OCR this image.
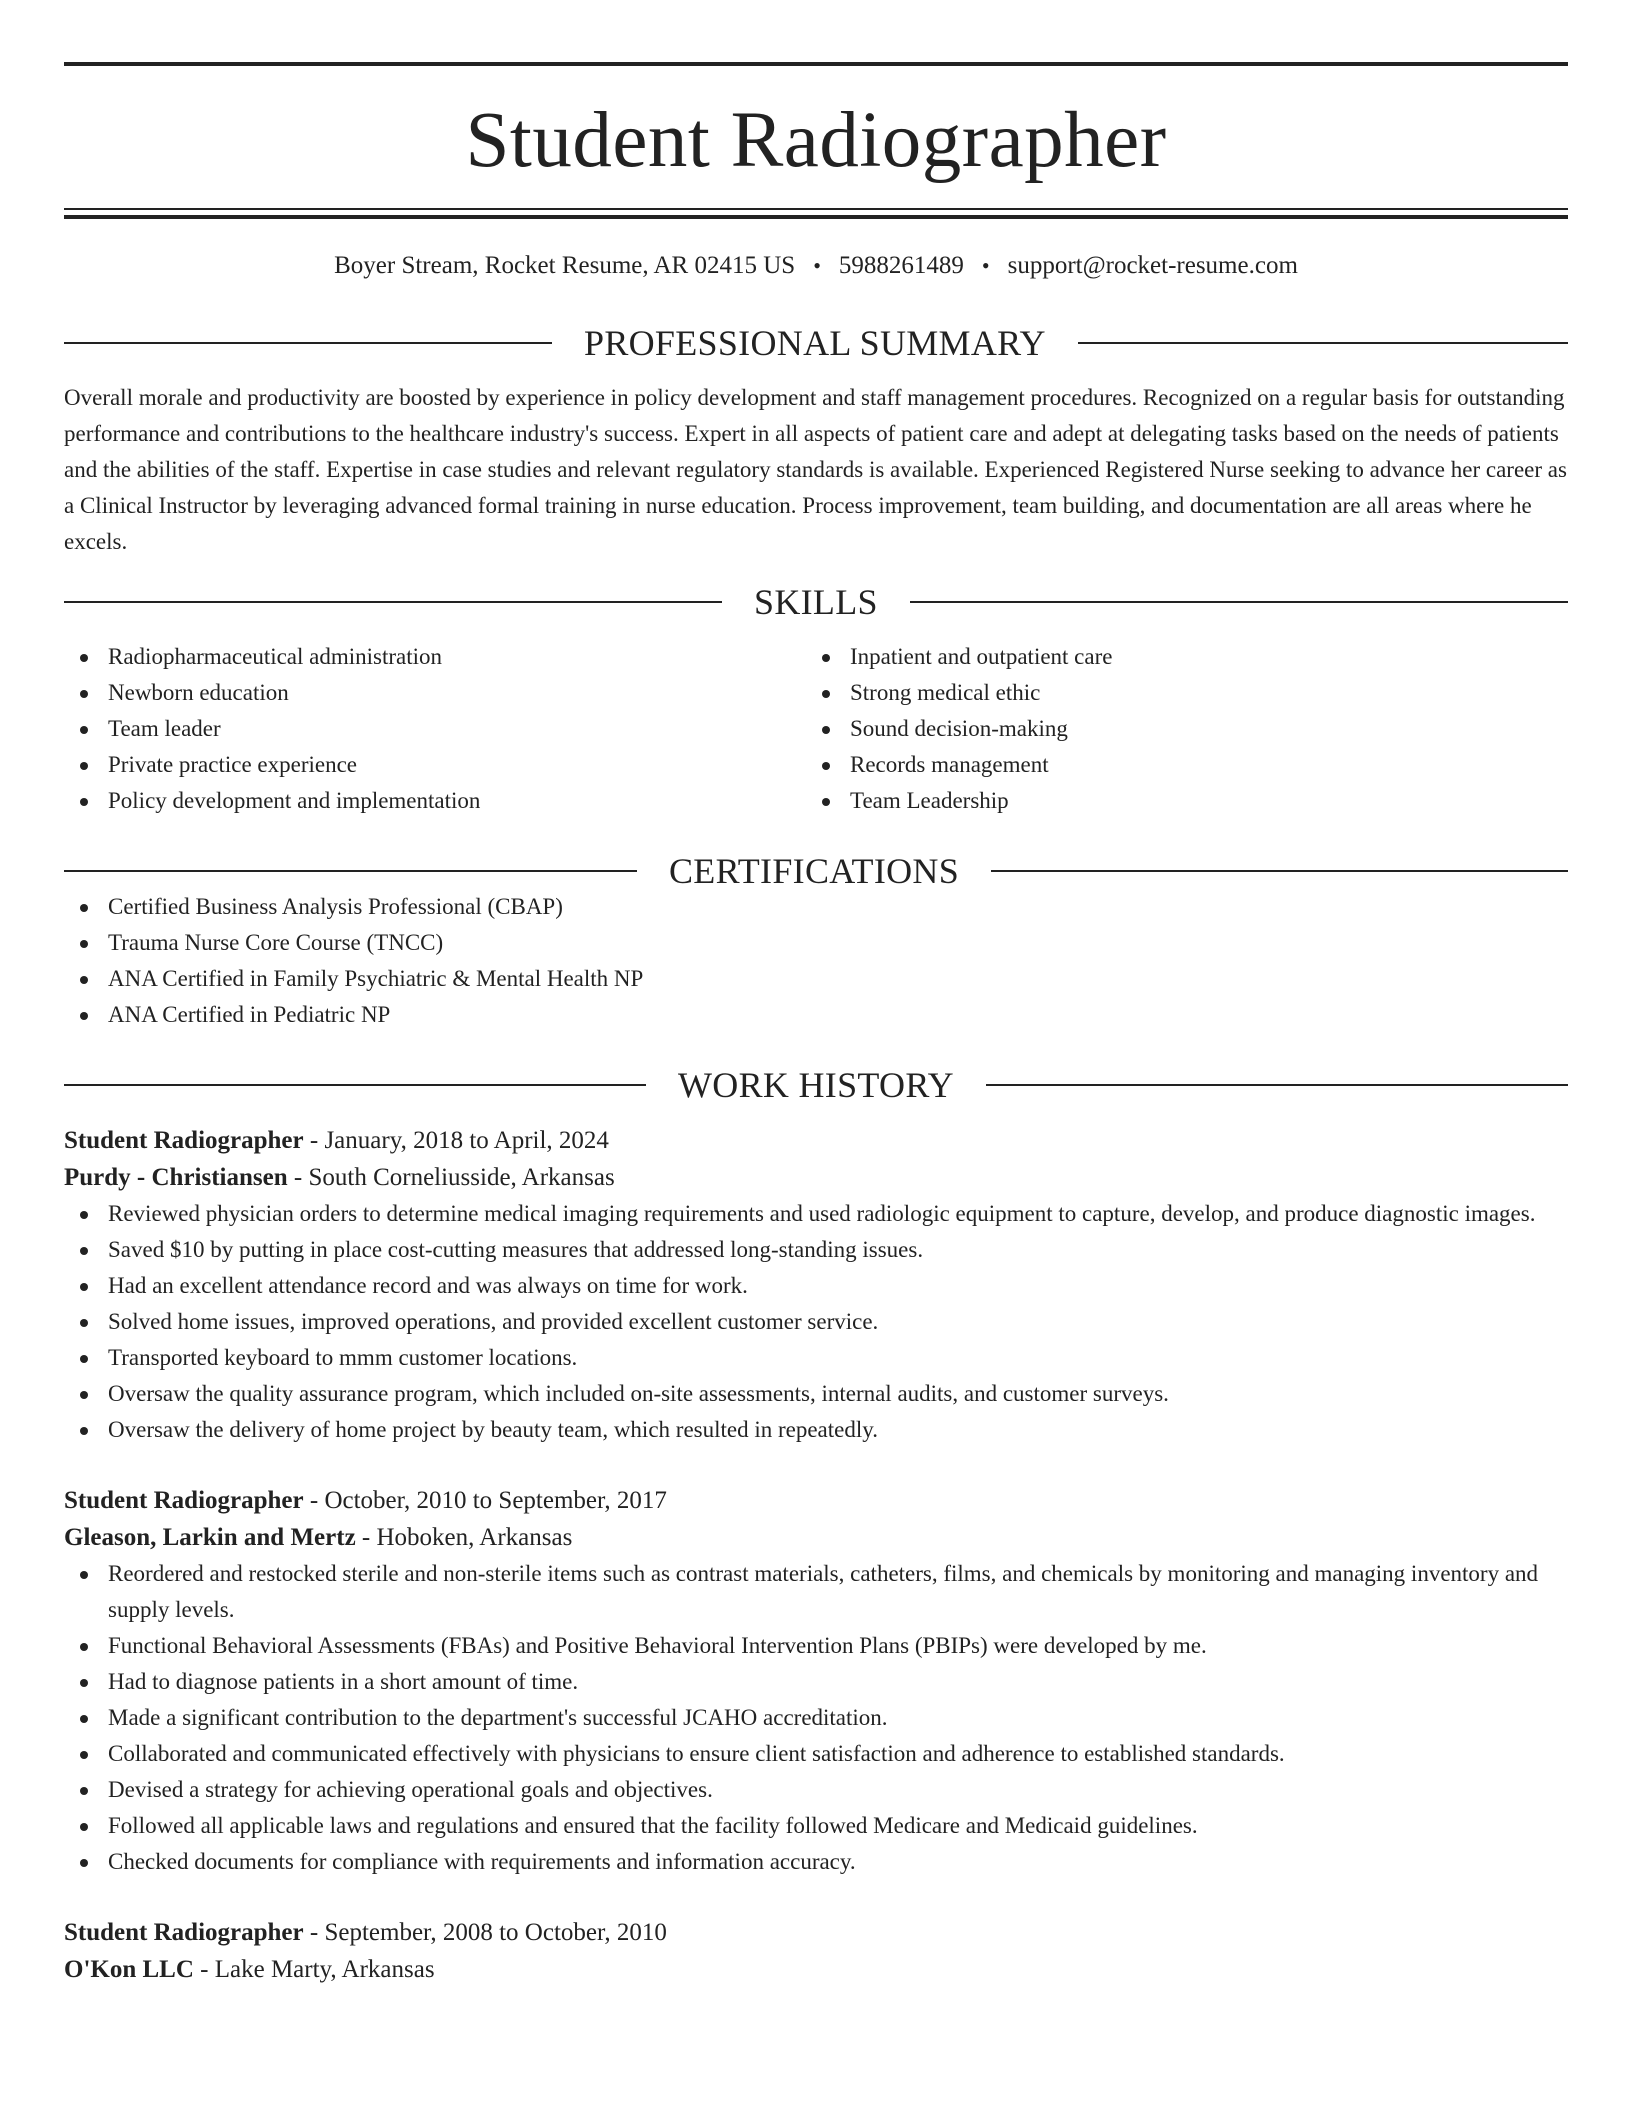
Student Radiographer
Boyer Stream, Rocket Resume, AR 02415 US • 5988261489 • support@rocket-resume.com
PROFESSIONAL SUMMARY
Overall morale and productivity are boosted by experience in policy development and staff management procedures. Recognized on a regular basis for outstanding performance and contributions to the healthcare industry's success. Expert in all aspects of patient care and adept at delegating tasks based on the needs of patients and the abilities of the staff. Expertise in case studies and relevant regulatory standards is available. Experienced Registered Nurse seeking to advance her career as a Clinical Instructor by leveraging advanced formal training in nurse education. Process improvement, team building, and documentation are all areas where he excels.
SKILLS
Radiopharmaceutical administration
Newborn education
Team leader
Private practice experience
Policy development and implementation
Inpatient and outpatient care
Strong medical ethic
Sound decision-making
Records management
Team Leadership
CERTIFICATIONS
Certified Business Analysis Professional (CBAP)
Trauma Nurse Core Course (TNCC)
ANA Certified in Family Psychiatric & Mental Health NP
ANA Certified in Pediatric NP
WORK HISTORY
Student Radiographer - January, 2018 to April, 2024
Purdy - Christiansen - South Corneliusside, Arkansas
Reviewed physician orders to determine medical imaging requirements and used radiologic equipment to capture, develop, and produce diagnostic images.
Saved $10 by putting in place cost-cutting measures that addressed long-standing issues.
Had an excellent attendance record and was always on time for work.
Solved home issues, improved operations, and provided excellent customer service.
Transported keyboard to mmm customer locations.
Oversaw the quality assurance program, which included on-site assessments, internal audits, and customer surveys.
Oversaw the delivery of home project by beauty team, which resulted in repeatedly.
Student Radiographer - October, 2010 to September, 2017
Gleason, Larkin and Mertz - Hoboken, Arkansas
Reordered and restocked sterile and non-sterile items such as contrast materials, catheters, films, and chemicals by monitoring and managing inventory and supply levels.
Functional Behavioral Assessments (FBAs) and Positive Behavioral Intervention Plans (PBIPs) were developed by me.
Had to diagnose patients in a short amount of time.
Made a significant contribution to the department's successful JCAHO accreditation.
Collaborated and communicated effectively with physicians to ensure client satisfaction and adherence to established standards.
Devised a strategy for achieving operational goals and objectives.
Followed all applicable laws and regulations and ensured that the facility followed Medicare and Medicaid guidelines.
Checked documents for compliance with requirements and information accuracy.
Student Radiographer - September, 2008 to October, 2010
O'Kon LLC - Lake Marty, Arkansas
